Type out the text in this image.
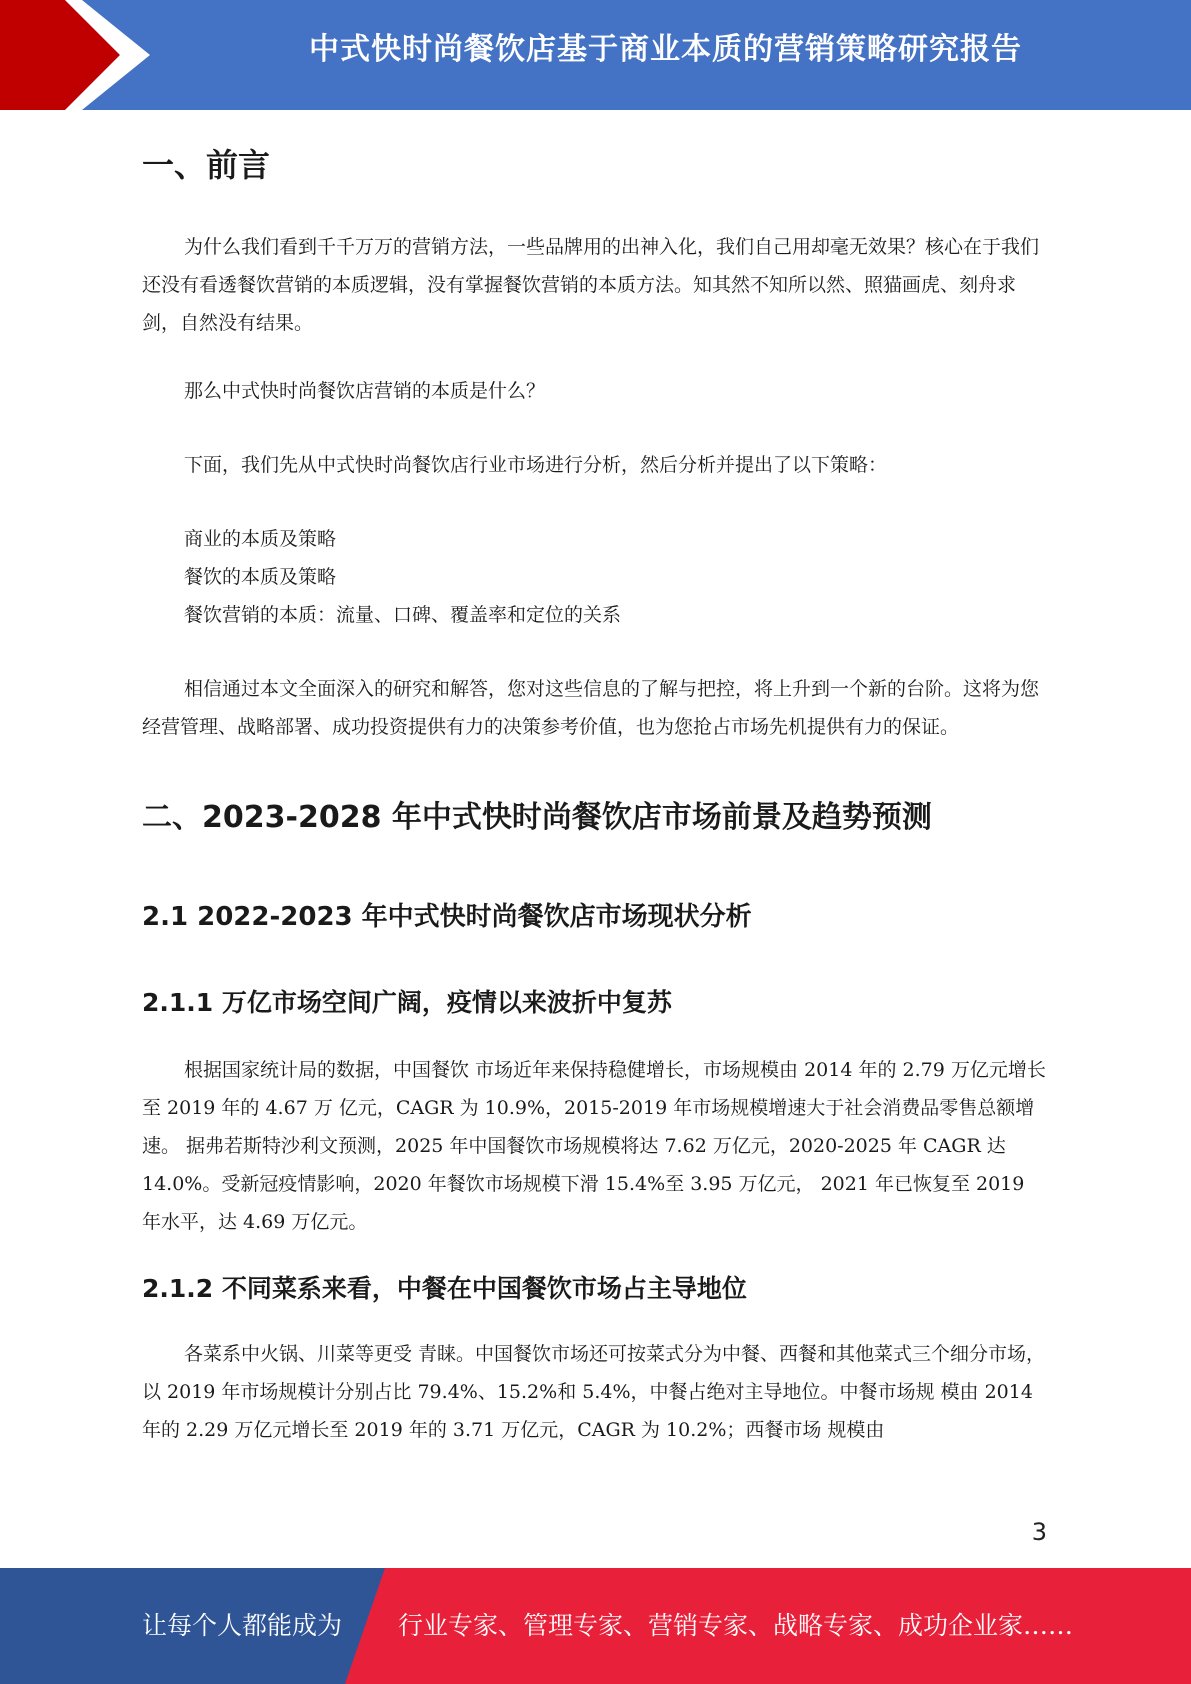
中式快时尚餐饮店基于商业本质的营销策略研究报告
一、前言

为什么我们看到千千万万的营销方法，一些品牌用的出神入化，我们自己用却毫无效果？核心在于我们还没有看透餐饮营销的本质逻辑，没有掌握餐饮营销的本质方法。知其然不知所以然、照猫画虎、刻舟求剑，自然没有结果。

那么中式快时尚餐饮店营销的本质是什么？

下面，我们先从中式快时尚餐饮店行业市场进行分析，然后分析并提出了以下策略：

商业的本质及策略

餐饮的本质及策略

餐饮营销的本质：流量、口碑、覆盖率和定位的关系

相信通过本文全面深入的研究和解答，您对这些信息的了解与把控，将上升到一个新的台阶。这将为您经营管理、战略部署、成功投资提供有力的决策参考价值，也为您抢占市场先机提供有力的保证。

二、2023-2028 年中式快时尚餐饮店市场前景及趋势预测
2.1 2022-2023 年中式快时尚餐饮店市场现状分析
2.1.1 万亿市场空间广阔，疫情以来波折中复苏

根据国家统计局的数据，中国餐饮 市场近年来保持稳健增长，市场规模由 2014 年的 2.79 万亿元增长至 2019 年的 4.67 万 亿元，CAGR 为 10.9%，2015-2019 年市场规模增速大于社会消费品零售总额增速。 据弗若斯特沙利文预测，2025 年中国餐饮市场规模将达 7.62 万亿元，2020-2025 年 CAGR 达 14.0%。受新冠疫情影响，2020 年餐饮市场规模下滑 15.4%至 3.95 万亿元， 2021 年已恢复至 2019 年水平，达 4.69 万亿元。

2.1.2 不同菜系来看，中餐在中国餐饮市场占主导地位

各菜系中火锅、川菜等更受 青睐。中国餐饮市场还可按菜式分为中餐、西餐和其他菜式三个细分市场，以 2019 年市场规模计分别占比 79.4%、15.2%和 5.4%，中餐占绝对主导地位。中餐市场规 模由 2014 年的 2.29 万亿元增长至 2019 年的 3.71 万亿元，CAGR 为 10.2%；西餐市场 规模由

3
让每个人都能成为 行业专家、管理专家、营销专家、战略专家、成功企业家……
